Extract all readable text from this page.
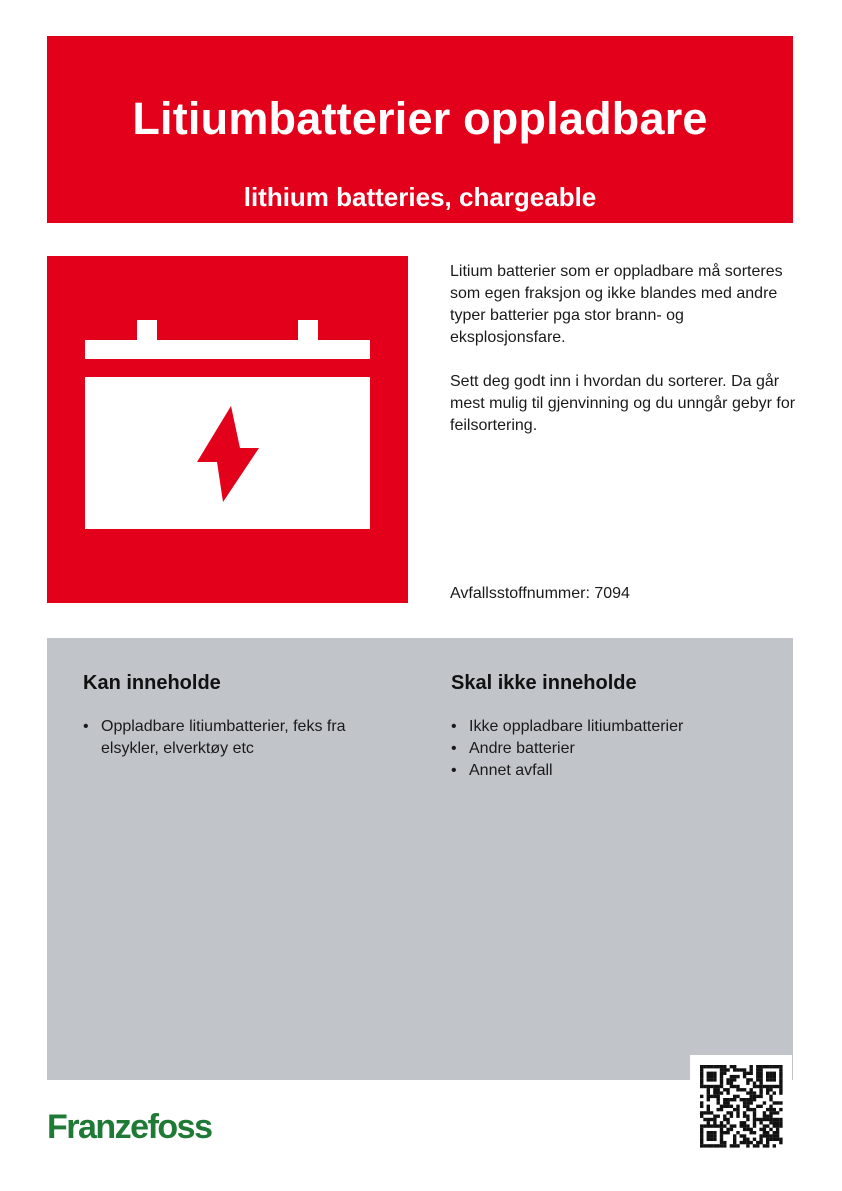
Litiumbatterier oppladbare
lithium batteries, chargeable

Litium batterier som er oppladbare må sorteres som egen fraksjon og ikke blandes med andre typer batterier pga stor brann- og eksplosjonsfare.

Sett deg godt inn i hvordan du sorterer. Da går mest mulig til gjenvinning og du unngår gebyr for feilsortering.

Avfallsstoffnummer: 7094
Kan inneholde
• Oppladbare litiumbatterier, feks fra elsykler, elverktøy etc
Skal ikke inneholde
• Ikke oppladbare litiumbatterier
• Andre batterier
• Annet avfall
Franzefoss
